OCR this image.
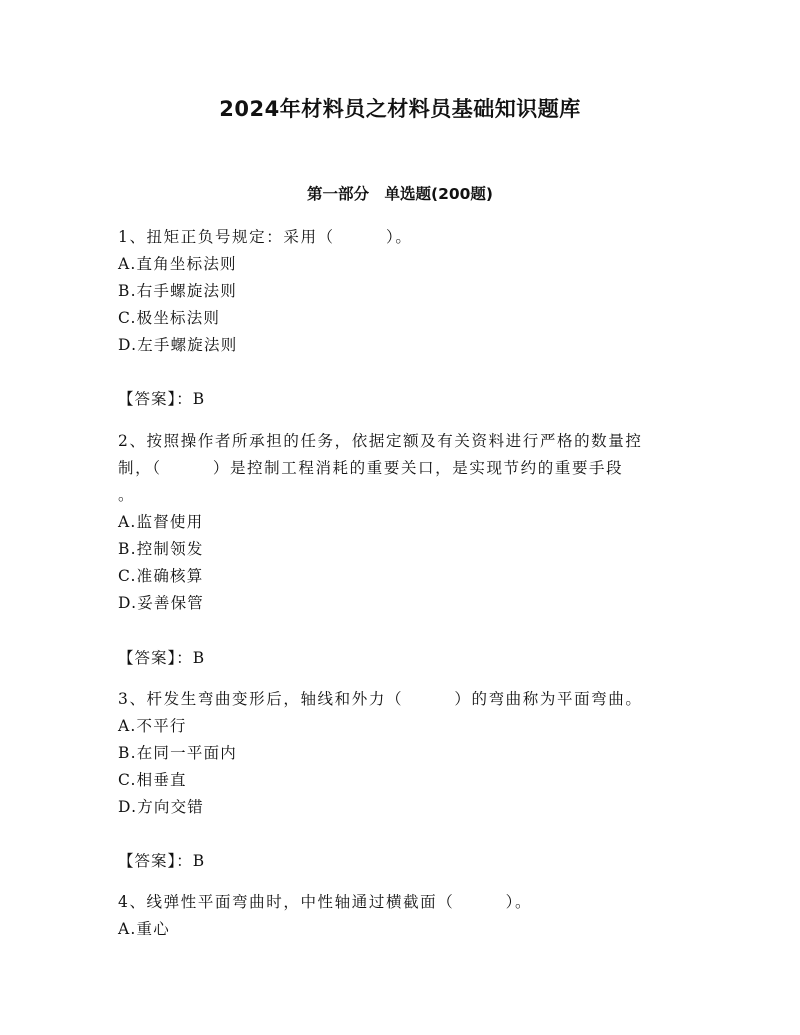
2024年材料员之材料员基础知识题库
第一部分　单选题(200题)
1、扭矩正负号规定：采用（　　　）。
A.直角坐标法则
B.右手螺旋法则
C.极坐标法则
D.左手螺旋法则
【答案】：B
2、按照操作者所承担的任务，依据定额及有关资料进行严格的数量控
制，（　　　）是控制工程消耗的重要关口，是实现节约的重要手段
。
A.监督使用
B.控制领发
C.准确核算
D.妥善保管
【答案】：B
3、杆发生弯曲变形后，轴线和外力（　　　）的弯曲称为平面弯曲。
A.不平行
B.在同一平面内
C.相垂直
D.方向交错
【答案】：B
4、线弹性平面弯曲时，中性轴通过横截面（　　　）。
A.重心
